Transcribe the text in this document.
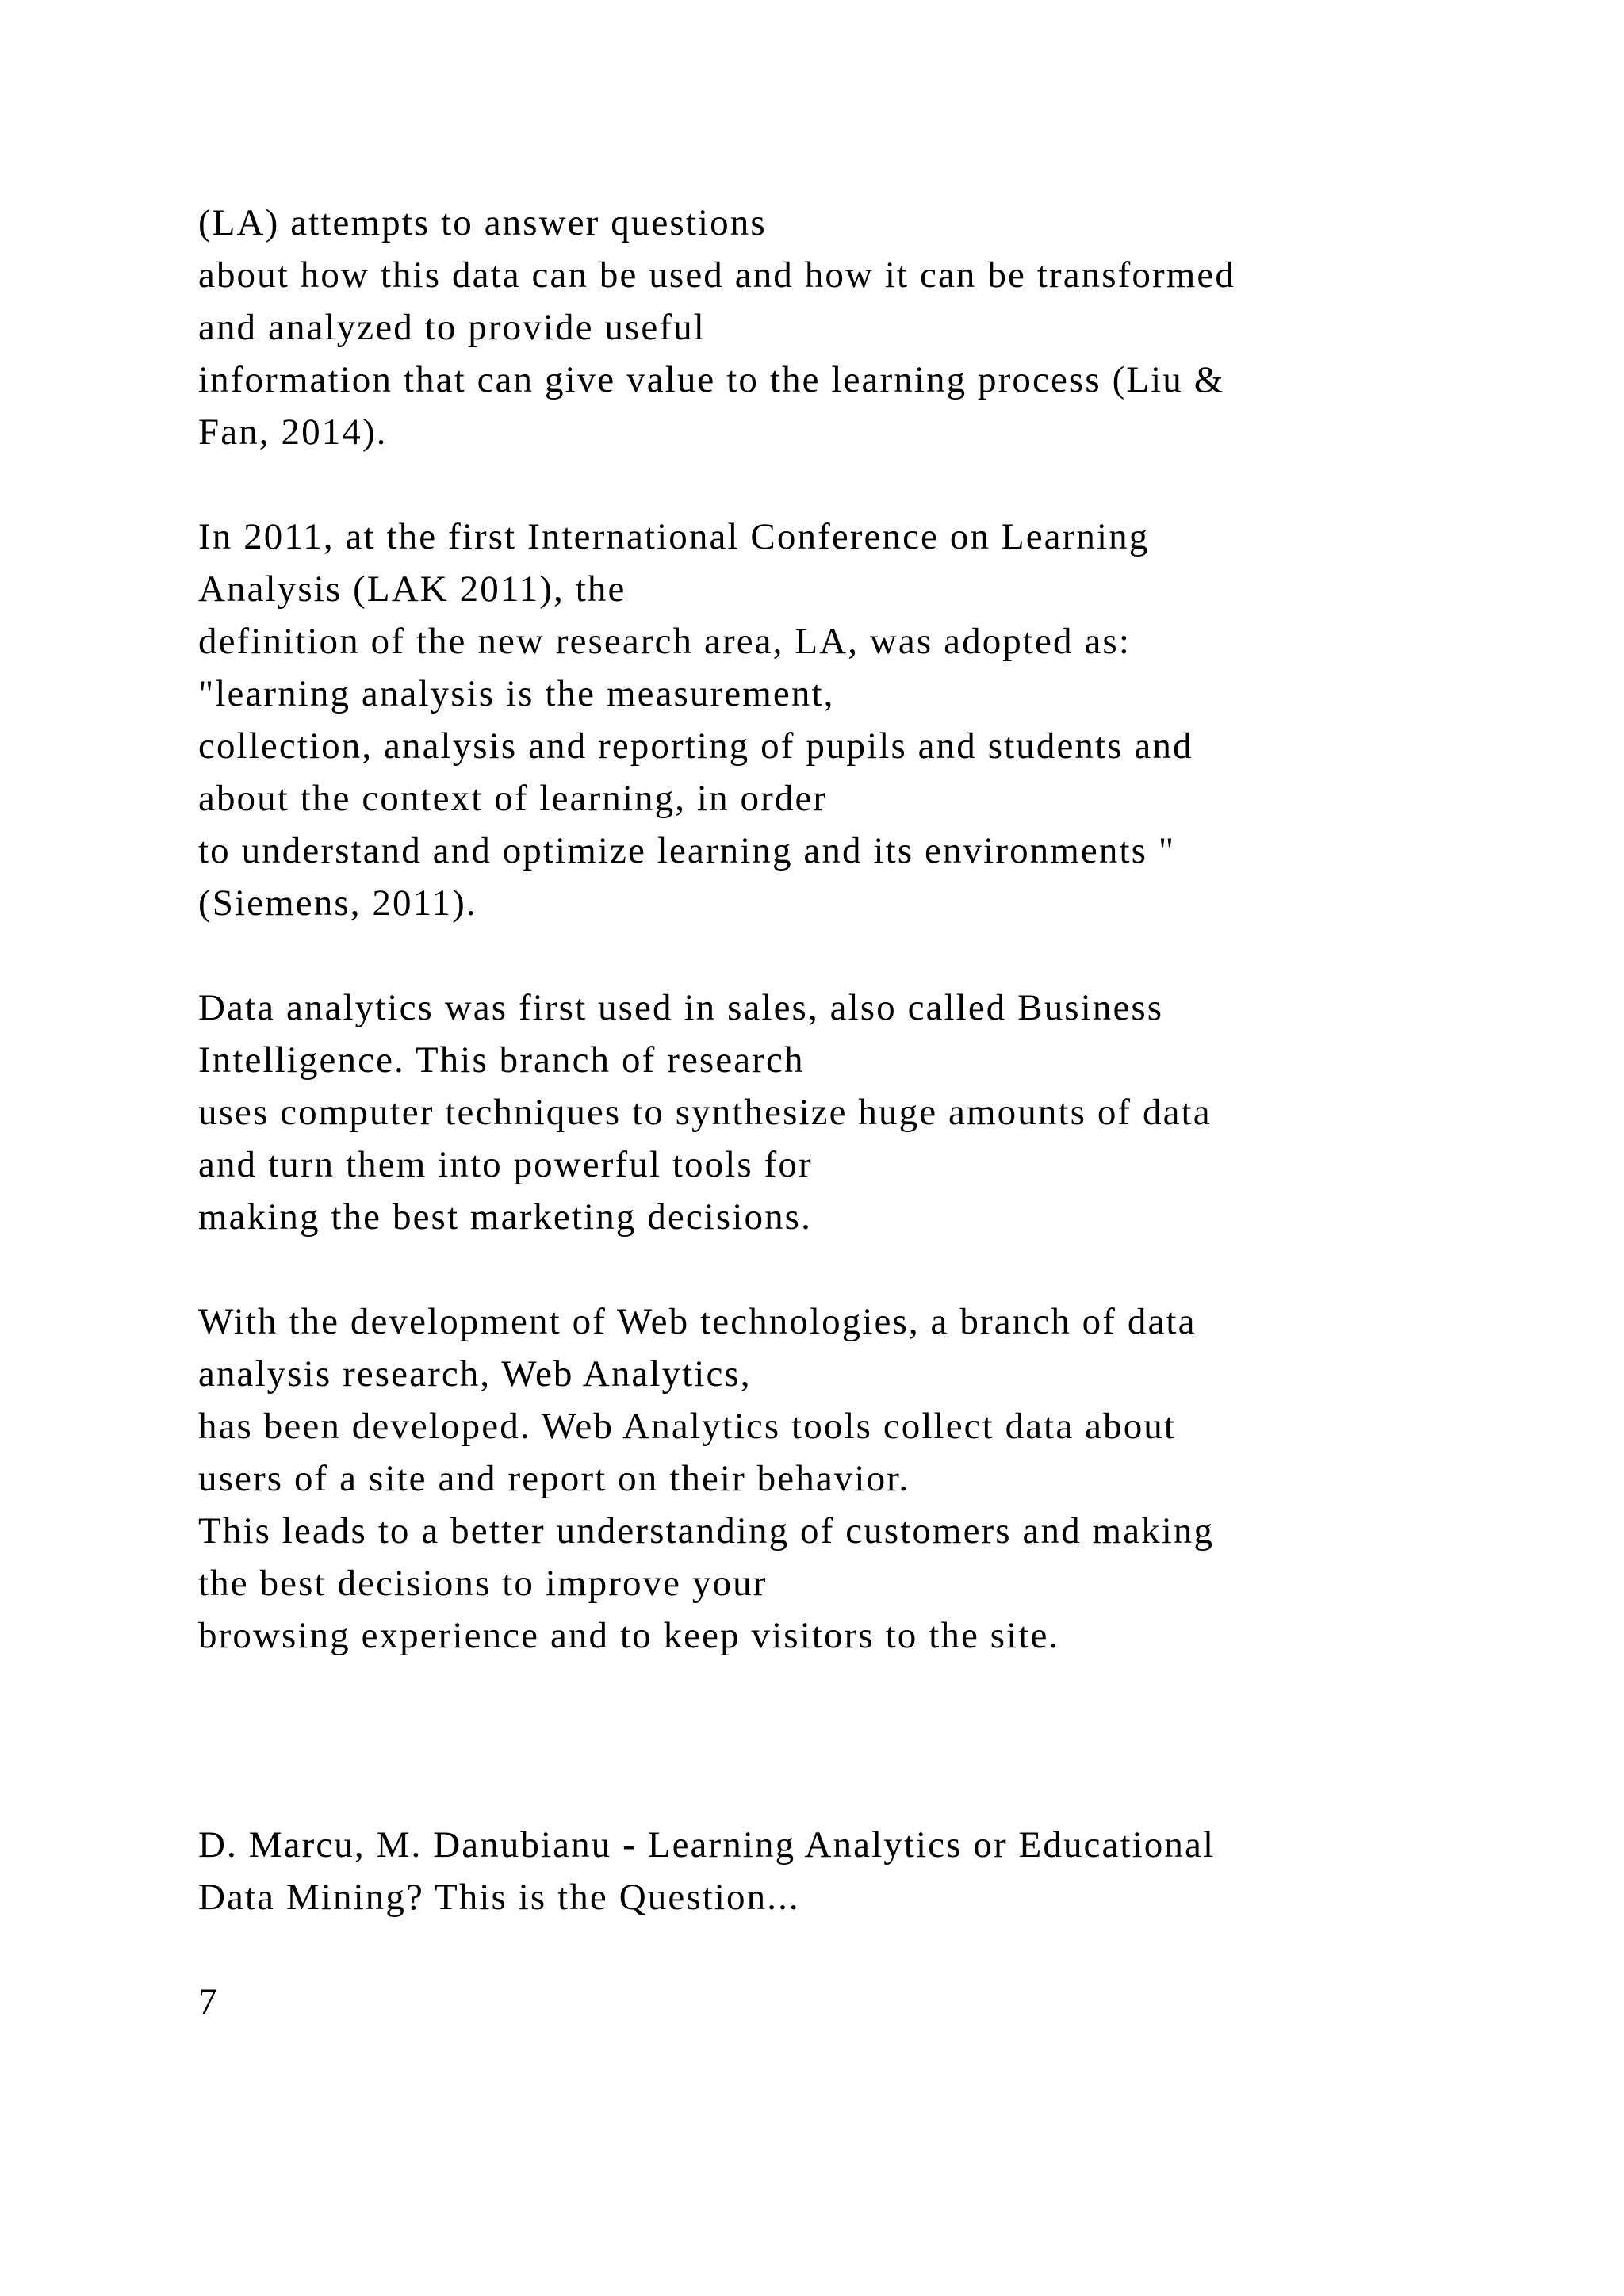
(LA) attempts to answer questions

about how this data can be used and how it can be transformed

and analyzed to provide useful

information that can give value to the learning process (Liu &

Fan, 2014).

In 2011, at the first International Conference on Learning

Analysis (LAK 2011), the

definition of the new research area, LA, was adopted as:

"learning analysis is the measurement,

collection, analysis and reporting of pupils and students and

about the context of learning, in order

to understand and optimize learning and its environments "

(Siemens, 2011).

Data analytics was first used in sales, also called Business

Intelligence. This branch of research

uses computer techniques to synthesize huge amounts of data

and turn them into powerful tools for

making the best marketing decisions.

With the development of Web technologies, a branch of data

analysis research, Web Analytics,

has been developed. Web Analytics tools collect data about

users of a site and report on their behavior.

This leads to a better understanding of customers and making

the best decisions to improve your

browsing experience and to keep visitors to the site.

D. Marcu, M. Danubianu - Learning Analytics or Educational

Data Mining? This is the Question...

7
